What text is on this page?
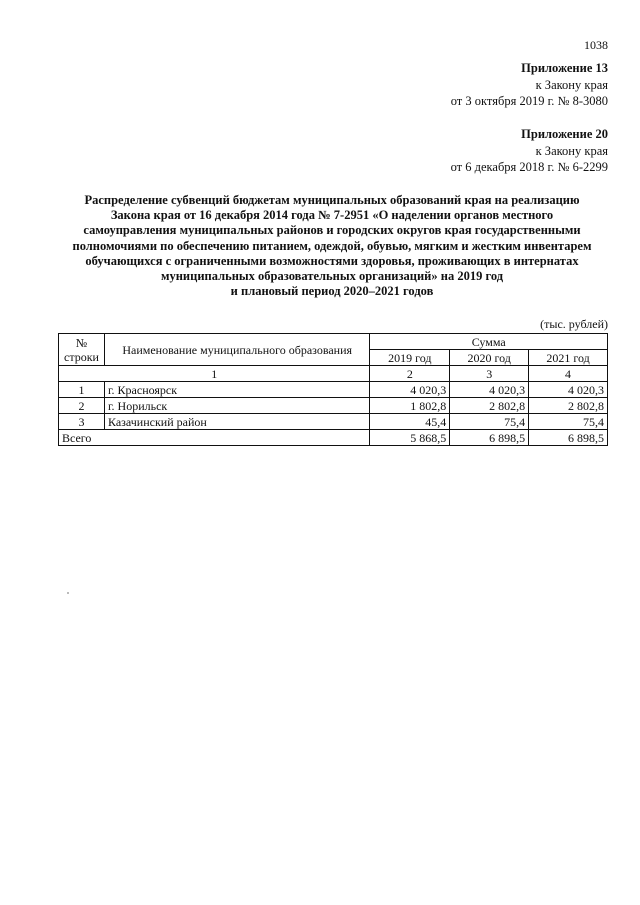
1038
Приложение 13
к Закону края
от 3 октября 2019 г. № 8-3080
Приложение 20
к Закону края
от 6 декабря 2018 г. № 6-2299
Распределение субвенций бюджетам муниципальных образований края на реализацию
Закона края от 16 декабря 2014 года № 7-2951 «О наделении органов местного
самоуправления муниципальных районов и городских округов края государственными
полномочиями по обеспечению питанием, одеждой, обувью, мягким и жестким инвентарем
обучающихся с ограниченными возможностями здоровья, проживающих в интернатах
муниципальных образовательных организаций» на 2019 год
и плановый период 2020–2021 годов
(тыс. рублей)
№
строки	Наименование муниципального образования	Сумма		
		2019 год	2020 год	2021 год
1		2	3	4
1	г. Красноярск	4 020,3	4 020,3	4 020,3
2	г. Норильск	1 802,8	2 802,8	2 802,8
3	Казачинский район	45,4	75,4	75,4
Всего		5 868,5	6 898,5	6 898,5
